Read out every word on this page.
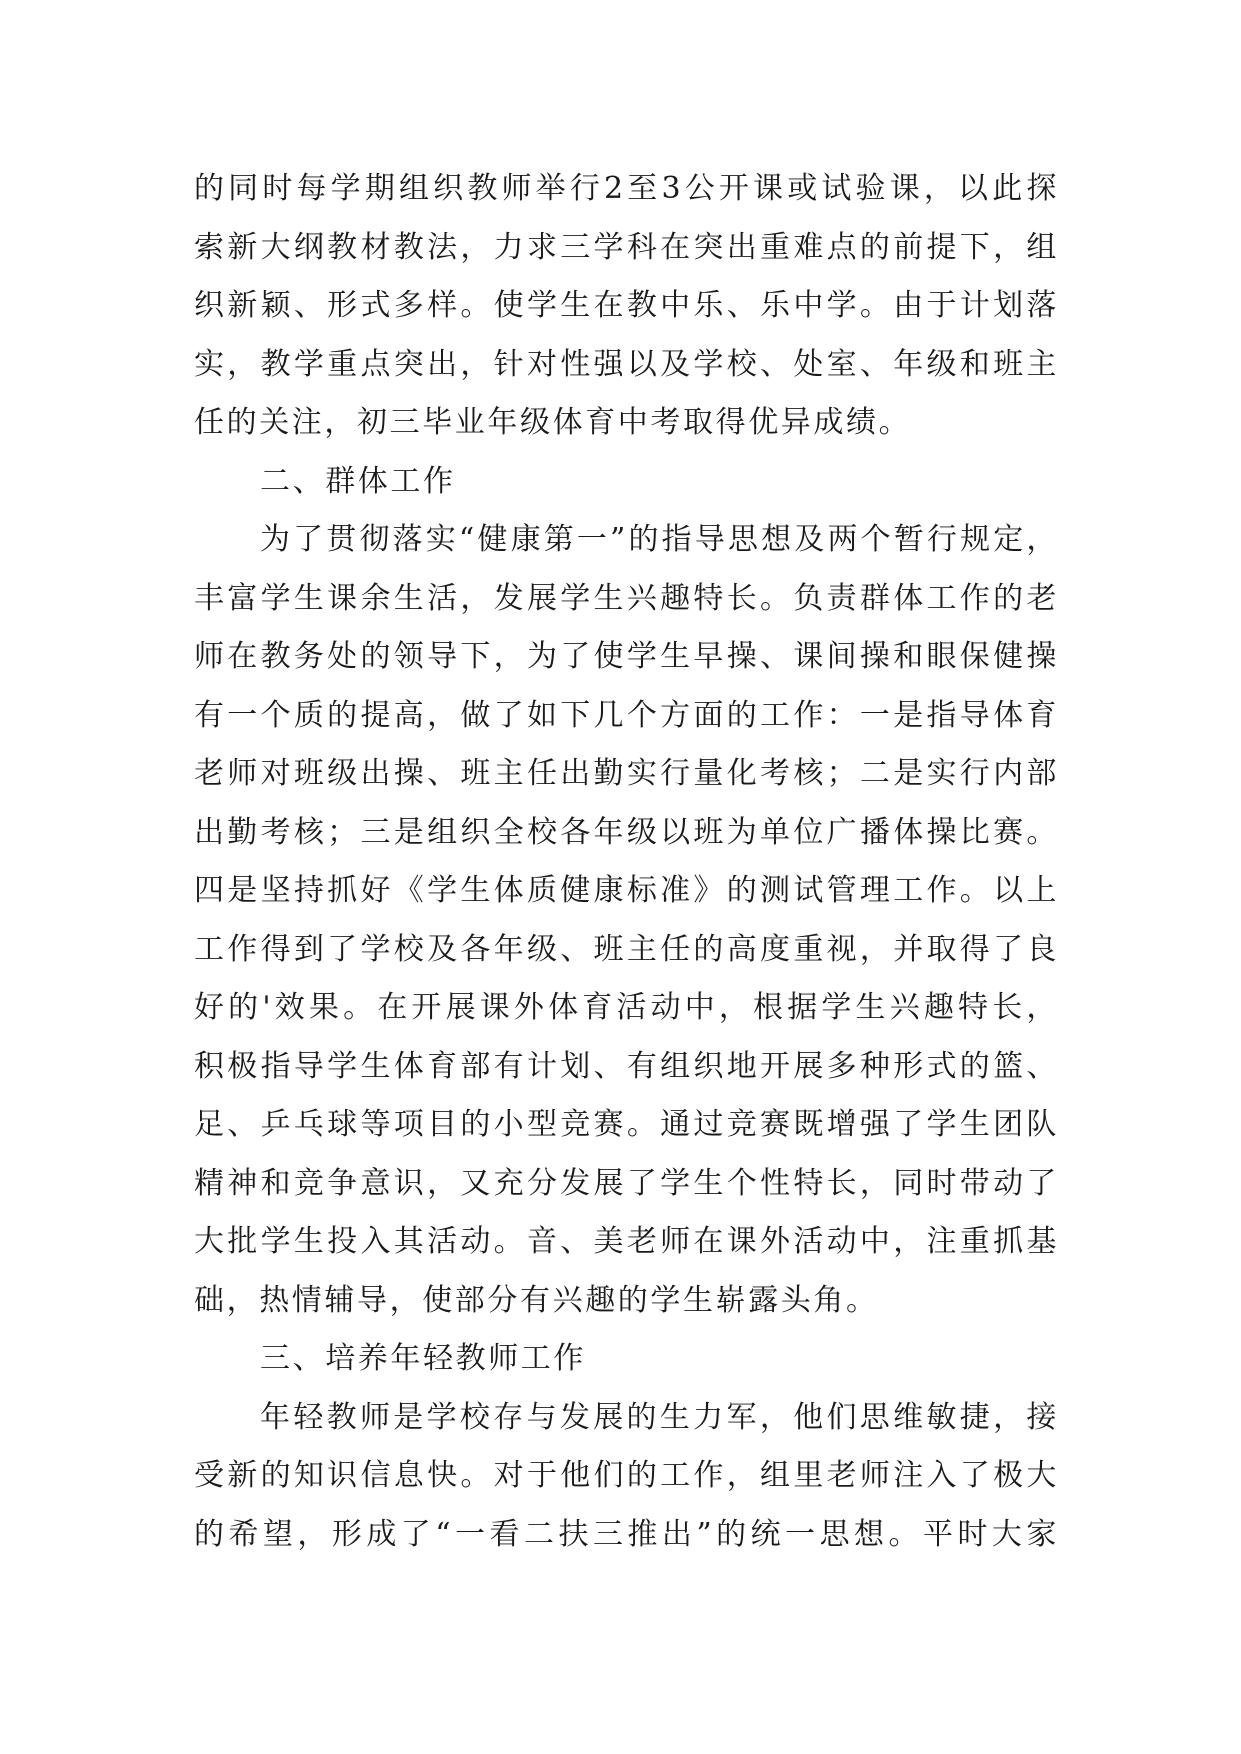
的同时每学期组织教师举行2至3公开课或试验课，以此探
索新大纲教材教法，力求三学科在突出重难点的前提下，组
织新颖、形式多样。使学生在教中乐、乐中学。由于计划落
实，教学重点突出，针对性强以及学校、处室、年级和班主
任的关注，初三毕业年级体育中考取得优异成绩。
二、群体工作
为了贯彻落实“健康第一”的指导思想及两个暂行规定，
丰富学生课余生活，发展学生兴趣特长。负责群体工作的老
师在教务处的领导下，为了使学生早操、课间操和眼保健操
有一个质的提高，做了如下几个方面的工作：一是指导体育
老师对班级出操、班主任出勤实行量化考核；二是实行内部
出勤考核；三是组织全校各年级以班为单位广播体操比赛。
四是坚持抓好《学生体质健康标准》的测试管理工作。以上
工作得到了学校及各年级、班主任的高度重视，并取得了良
好的'效果。在开展课外体育活动中，根据学生兴趣特长，
积极指导学生体育部有计划、有组织地开展多种形式的篮、
足、乒乓球等项目的小型竞赛。通过竞赛既增强了学生团队
精神和竞争意识，又充分发展了学生个性特长，同时带动了
大批学生投入其活动。音、美老师在课外活动中，注重抓基
础，热情辅导，使部分有兴趣的学生崭露头角。
三、培养年轻教师工作
年轻教师是学校存与发展的生力军，他们思维敏捷，接
受新的知识信息快。对于他们的工作，组里老师注入了极大
的希望，形成了“一看二扶三推出”的统一思想。平时大家
